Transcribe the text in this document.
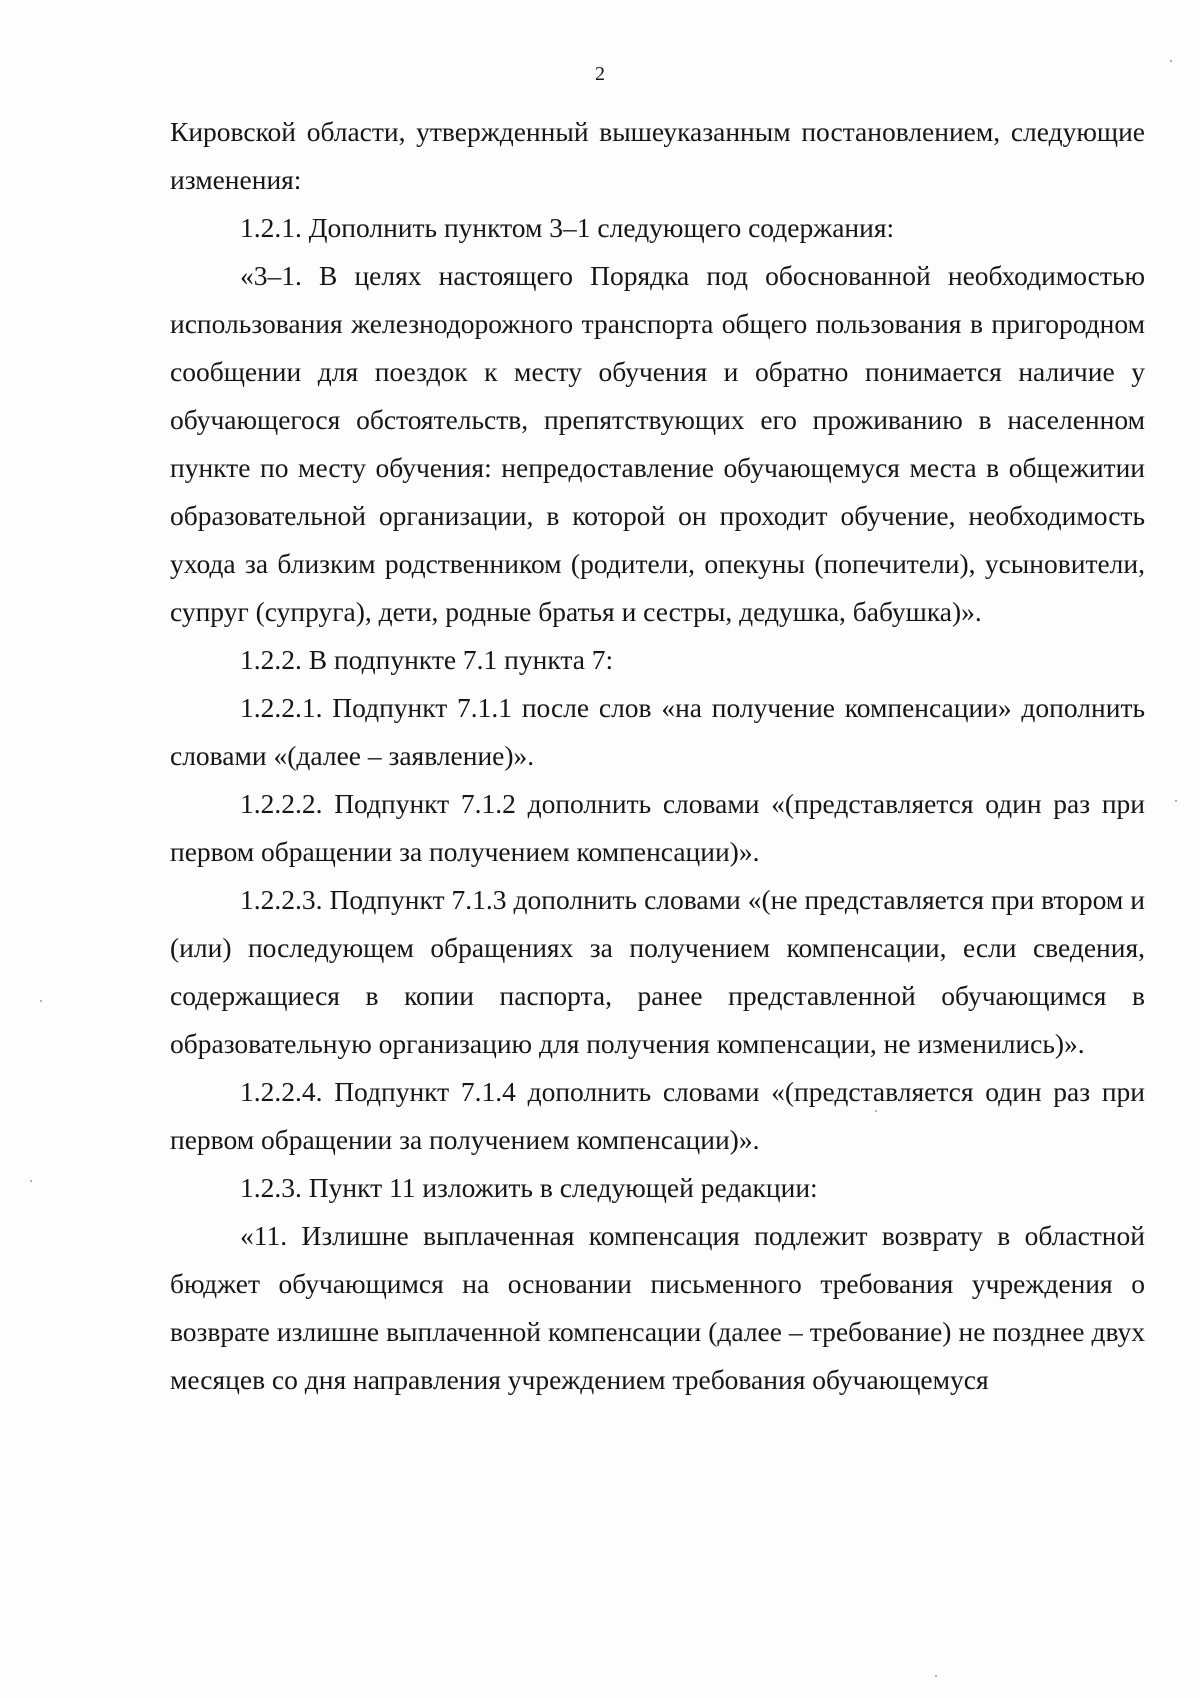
2

Кировской области, утвержденный вышеуказанным постановлением, следующие изменения:

1.2.1. Дополнить пунктом 3–1 следующего содержания:

«3–1. В целях настоящего Порядка под обоснованной необходимостью использования железнодорожного транспорта общего пользования в пригородном сообщении для поездок к месту обучения и обратно понимается наличие у обучающегося обстоятельств, препятствующих его проживанию в населенном пункте по месту обучения: непредоставление обучающемуся места в общежитии образовательной организации, в которой он проходит обучение, необходимость ухода за близким родственником (родители, опекуны (попечители), усыновители, супруг (супруга), дети, родные братья и сестры, дедушка, бабушка)».

1.2.2. В подпункте 7.1 пункта 7:

1.2.2.1. Подпункт 7.1.1 после слов «на получение компенсации» дополнить словами «(далее – заявление)».

1.2.2.2. Подпункт 7.1.2 дополнить словами «(представляется один раз при первом обращении за получением компенсации)».

1.2.2.3. Подпункт 7.1.3 дополнить словами «(не представляется при втором и (или) последующем обращениях за получением компенсации, если сведения, содержащиеся в копии паспорта, ранее представленной обучающимся в образовательную организацию для получения компенсации, не изменились)».

1.2.2.4. Подпункт 7.1.4 дополнить словами «(представляется один раз при первом обращении за получением компенсации)».

1.2.3. Пункт 11 изложить в следующей редакции:

«11. Излишне выплаченная компенсация подлежит возврату в областной бюджет обучающимся на основании письменного требования учреждения о возврате излишне выплаченной компенсации (далее – требование) не позднее двух месяцев со дня направления учреждением требования обучающемуся
